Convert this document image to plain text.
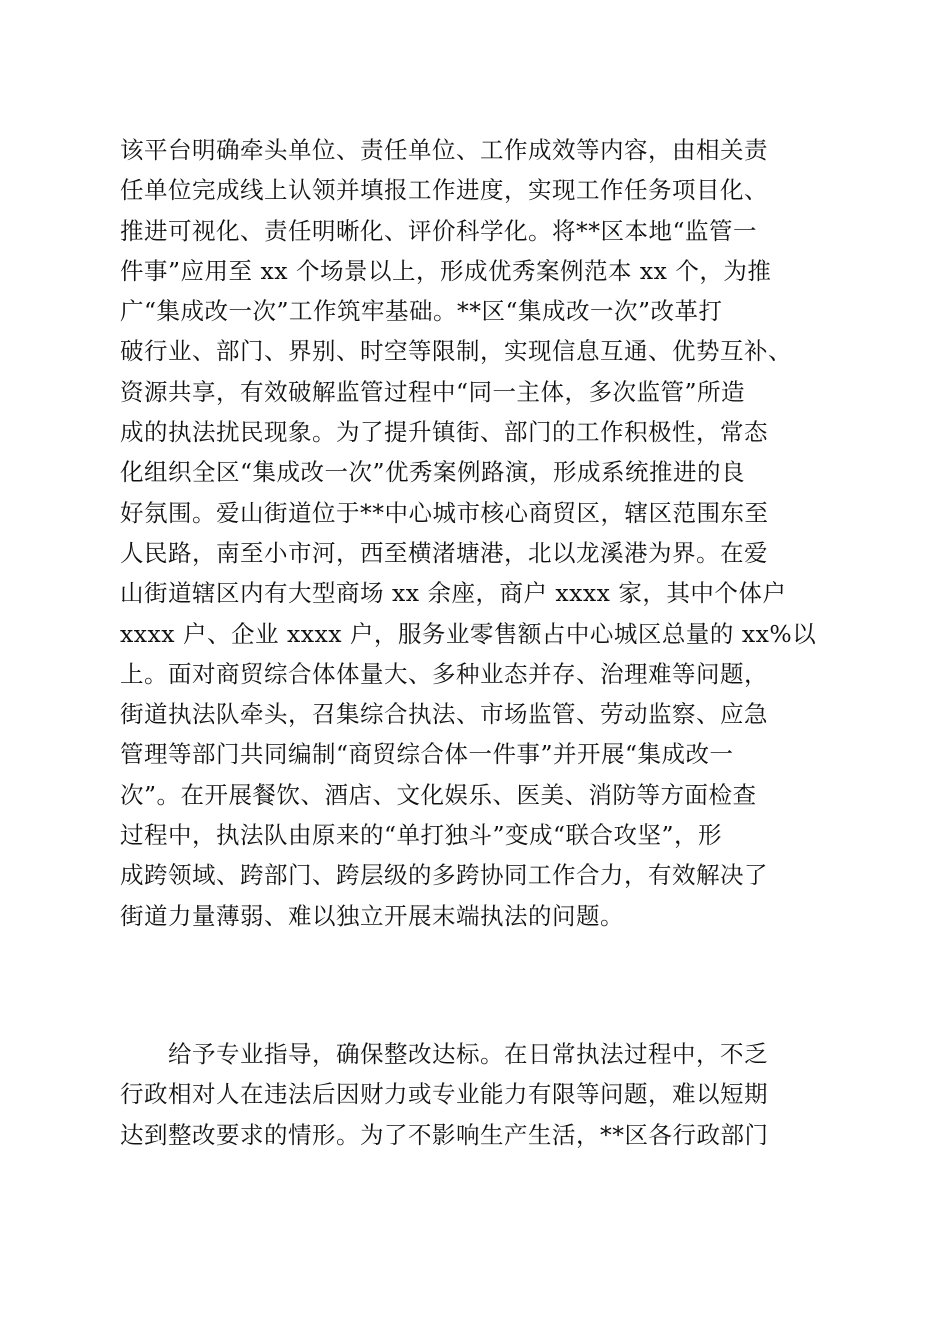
该平台明确牵头单位、责任单位、工作成效等内容，由相关责
任单位完成线上认领并填报工作进度，实现工作任务项目化、
推进可视化、责任明晰化、评价科学化。将**区本地“监管一
件事”应用至 xx 个场景以上，形成优秀案例范本 xx 个，为推
广“集成改一次”工作筑牢基础。**区“集成改一次”改革打
破行业、部门、界别、时空等限制，实现信息互通、优势互补、
资源共享，有效破解监管过程中“同一主体，多次监管”所造
成的执法扰民现象。为了提升镇街、部门的工作积极性，常态
化组织全区“集成改一次”优秀案例路演，形成系统推进的良
好氛围。爱山街道位于**中心城市核心商贸区，辖区范围东至
人民路，南至小市河，西至横渚塘港，北以龙溪港为界。在爱
山街道辖区内有大型商场 xx 余座，商户 xxxx 家，其中个体户
xxxx 户、企业 xxxx 户，服务业零售额占中心城区总量的 xx%以
上。面对商贸综合体体量大、多种业态并存、治理难等问题，
街道执法队牵头，召集综合执法、市场监管、劳动监察、应急
管理等部门共同编制“商贸综合体一件事”并开展“集成改一
次”。在开展餐饮、酒店、文化娱乐、医美、消防等方面检查
过程中，执法队由原来的“单打独斗”变成“联合攻坚”，形
成跨领域、跨部门、跨层级的多跨协同工作合力，有效解决了
街道力量薄弱、难以独立开展末端执法的问题。
给予专业指导，确保整改达标。在日常执法过程中，不乏
行政相对人在违法后因财力或专业能力有限等问题，难以短期
达到整改要求的情形。为了不影响生产生活，**区各行政部门
